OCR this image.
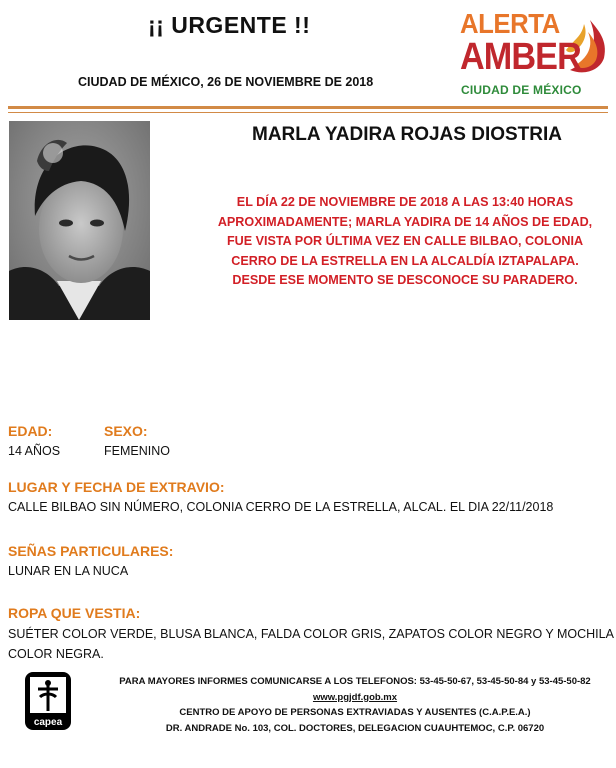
¡¡ URGENTE !!
CIUDAD DE MÉXICO, 26 DE NOVIEMBRE DE 2018
ALERTA
AMBER
CIUDAD DE MÉXICO
MARLA YADIRA ROJAS DIOSTRIA
EL DÍA 22 DE NOVIEMBRE DE 2018 A LAS 13:40 HORAS
APROXIMADAMENTE; MARLA YADIRA DE 14 AÑOS DE EDAD,
FUE VISTA POR ÚLTIMA VEZ EN CALLE BILBAO, COLONIA
CERRO DE LA ESTRELLA EN LA ALCALDÍA IZTAPALAPA.
DESDE ESE MOMENTO SE DESCONOCE SU PARADERO.
EDAD:
14 AÑOS
SEXO:
FEMENINO
LUGAR Y FECHA DE EXTRAVIO:
CALLE BILBAO SIN NÚMERO, COLONIA CERRO DE LA ESTRELLA, ALCAL. EL DIA 22/11/2018
SEÑAS PARTICULARES:
LUNAR EN LA NUCA
ROPA QUE VESTIA:
SUÉTER COLOR VERDE, BLUSA BLANCA, FALDA COLOR GRIS, ZAPATOS COLOR NEGRO Y MOCHILA
COLOR NEGRA.
capea
PARA MAYORES INFORMES COMUNICARSE A LOS TELEFONOS: 53-45-50-67, 53-45-50-84 y 53-45-50-82
www.pgjdf.gob.mx
CENTRO DE APOYO DE PERSONAS EXTRAVIADAS Y AUSENTES (C.A.P.E.A.)
DR. ANDRADE No. 103, COL. DOCTORES, DELEGACION CUAUHTEMOC, C.P. 06720
